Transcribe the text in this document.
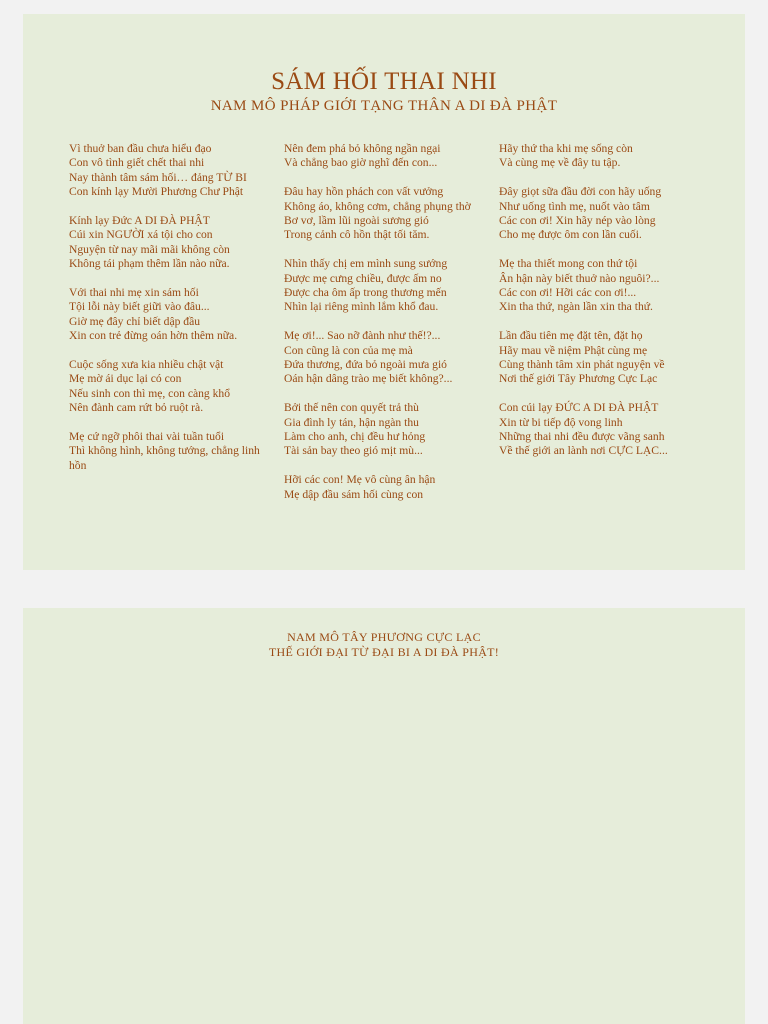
SÁM HỐI THAI NHI
NAM MÔ PHÁP GIỚI TẠNG THÂN A DI ĐÀ PHẬT
Vì thuở ban đầu chưa hiểu đạo
Con vô tình giết chết thai nhi
Nay thành tâm sám hối… đảng TỪ BI
Con kính lạy Mười Phương Chư Phật
Kính lạy Đức A DI ĐÀ PHẬT
Cúi xin NGƯỜI xá tội cho con
Nguyện từ nay mãi mãi không còn
Không tái phạm thêm lần nào nữa.
Với thai nhi mẹ xin sám hối
Tội lỗi này biết giữi vào đâu...
Giờ mẹ đây chỉ biết dập đầu
Xin con trẻ đừng oán hờn thêm nữa.
Cuộc sống xưa kia nhiều chật vật
Mẹ mờ ái dục lại có con
Nếu sinh con thì mẹ, con càng khổ
Nên đành cam rứt bỏ ruột rà.
Mẹ cứ ngỡ phôi thai vài tuần tuổi
Thì không hình, không tướng, chẳng linh hồn
Nên đem phá bỏ không ngần ngại
Và chẳng bao giờ nghĩ đến con...
Đâu hay hồn phách con vất vưởng
Không áo, không cơm, chẳng phụng thờ
Bơ vơ, lầm lũi ngoài sương gió
Trong cảnh cô hồn thật tối tăm.
Nhìn thấy chị em mình sung sướng
Được mẹ cưng chiều, được ấm no
Được cha ôm ấp trong thương mến
Nhìn lại riêng mình lắm khổ đau.
Mẹ ơi!... Sao nỡ đành như thế!?...
Con cũng là con của mẹ mà
Đứa thương, đứa bỏ ngoài mưa gió
Oán hận dâng trào mẹ biết không?...
Bởi thế nên con quyết trả thù
Gia đình ly tán, hận ngàn thu
Làm cho anh, chị đều hư hỏng
Tài sản bay theo gió mịt mù...
Hỡi các con! Mẹ vô cùng ân hận
Mẹ dập đầu sám hối cùng con
Hãy thứ tha khi mẹ sống còn
Và cùng mẹ về đây tu tập.
Đây giọt sữa đầu đời con hãy uống
Như uống tình mẹ, nuốt vào tâm
Các con ơi! Xin hãy nép vào lòng
Cho mẹ được ôm con lần cuối.
Mẹ tha thiết mong con thứ tội
Ân hận này biết thuở nào nguôi?...
Các con ơi! Hỡi các con ơi!...
Xin tha thứ, ngàn lần xin tha thứ.
Lần đầu tiên mẹ đặt tên, đặt họ
Hãy mau về niệm Phật cùng mẹ
Cùng thành tâm xin phát nguyện về
Nơi thế giới Tây Phương Cực Lạc
Con cúi lạy ĐỨC A DI ĐÀ PHẬT
Xin từ bi tiếp độ vong linh
Những thai nhi đều được vãng sanh
Về thế giới an lành nơi CỰC LẠC...
NAM MÔ TÂY PHƯƠNG CỰC LẠC
THẾ GIỚI ĐẠI TỪ ĐẠI BI A DI ĐÀ PHẬT!
